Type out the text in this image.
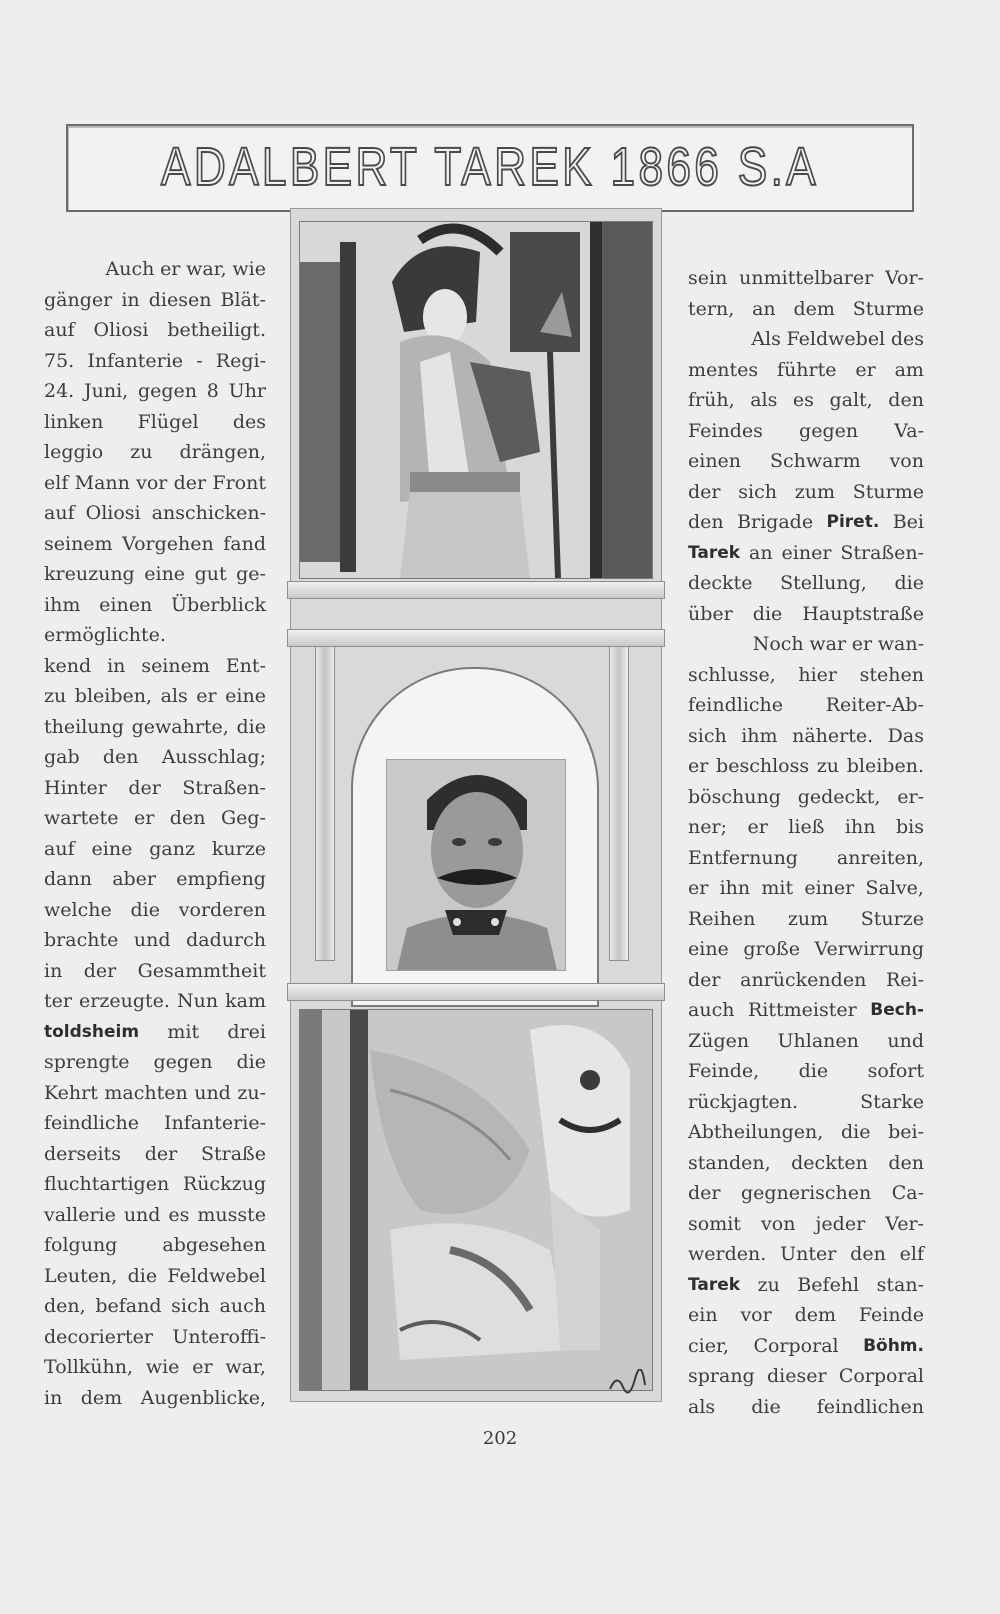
ADALBERT TAREK 1866 S.A
Auch er war, wie
gänger in diesen Blät-
auf Oliosi betheiligt.
75. Infanterie - Regi-
24. Juni, gegen 8 Uhr
linken Flügel des
leggio zu drängen,
elf Mann vor der Front
auf Oliosi anschicken-
seinem Vorgehen fand
kreuzung eine gut ge-
ihm einen Überblick
ermöglichte.
kend in seinem Ent-
zu bleiben, als er eine
theilung gewahrte, die
gab den Ausschlag;
Hinter der Straßen-
wartete er den Geg-
auf eine ganz kurze
dann aber empfieng
welche die vorderen
brachte und dadurch
in der Gesammtheit
ter erzeugte. Nun kam
toldsheim mit drei
sprengte gegen die
Kehrt machten und zu-
feindliche Infanterie-
derseits der Straße
fluchtartigen Rückzug
vallerie und es musste
folgung abgesehen
Leuten, die Feldwebel
den, befand sich auch
decorierter Unteroffi-
Tollkühn, wie er war,
in dem Augenblicke,
sein unmittelbarer Vor-
tern, an dem Sturme
Als Feldwebel des
mentes führte er am
früh, als es galt, den
Feindes gegen Va-
einen Schwarm von
der sich zum Sturme
den Brigade Piret. Bei
Tarek an einer Straßen-
deckte Stellung, die
über die Hauptstraße
Noch war er wan-
schlusse, hier stehen
feindliche Reiter-Ab-
sich ihm näherte. Das
er beschloss zu bleiben.
böschung gedeckt, er-
ner; er ließ ihn bis
Entfernung anreiten,
er ihn mit einer Salve,
Reihen zum Sturze
eine große Verwirrung
der anrückenden Rei-
auch Rittmeister Bech-
Zügen Uhlanen und
Feinde, die sofort
rückjagten.	Starke
Abtheilungen, die bei-
standen, deckten den
der gegnerischen Ca-
somit von jeder Ver-
werden. Unter den elf
Tarek zu Befehl stan-
ein vor dem Feinde
cier, Corporal Böhm.
sprang dieser Corporal
als die feindlichen
202
